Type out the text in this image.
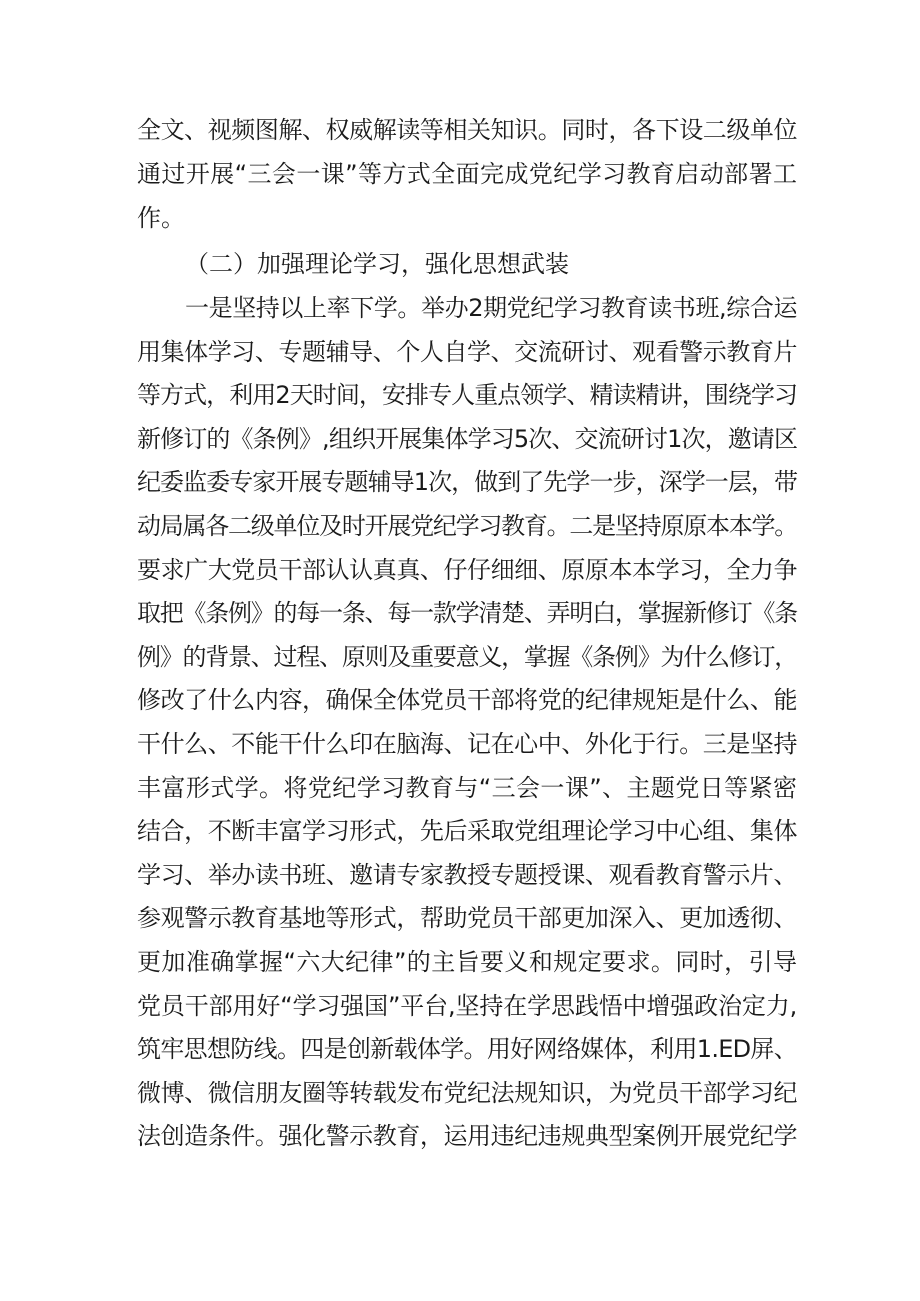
全文、视频图解、权威解读等相关知识。同时，各下设二级单位
通过开展“三会一课”等方式全面完成党纪学习教育启动部署工
作。
（二）加强理论学习，强化思想武装
一是坚持以上率下学。举办2期党纪学习教育读书班,综合运
用集体学习、专题辅导、个人自学、交流研讨、观看警示教育片
等方式，利用2天时间，安排专人重点领学、精读精讲，围绕学习
新修订的《条例》,组织开展集体学习5次、交流研讨1次，邀请区
纪委监委专家开展专题辅导1次，做到了先学一步，深学一层，带
动局属各二级单位及时开展党纪学习教育。二是坚持原原本本学。
要求广大党员干部认认真真、仔仔细细、原原本本学习，全力争
取把《条例》的每一条、每一款学清楚、弄明白，掌握新修订《条
例》的背景、过程、原则及重要意义，掌握《条例》为什么修订，
修改了什么内容，确保全体党员干部将党的纪律规矩是什么、能
干什么、不能干什么印在脑海、记在心中、外化于行。三是坚持
丰富形式学。将党纪学习教育与“三会一课”、主题党日等紧密
结合，不断丰富学习形式，先后采取党组理论学习中心组、集体
学习、举办读书班、邀请专家教授专题授课、观看教育警示片、
参观警示教育基地等形式，帮助党员干部更加深入、更加透彻、
更加准确掌握“六大纪律”的主旨要义和规定要求。同时，引导
党员干部用好“学习强国”平台,坚持在学思践悟中增强政治定力,
筑牢思想防线。四是创新载体学。用好网络媒体，利用1.ED屏、
微博、微信朋友圈等转载发布党纪法规知识，为党员干部学习纪
法创造条件。强化警示教育，运用违纪违规典型案例开展党纪学
